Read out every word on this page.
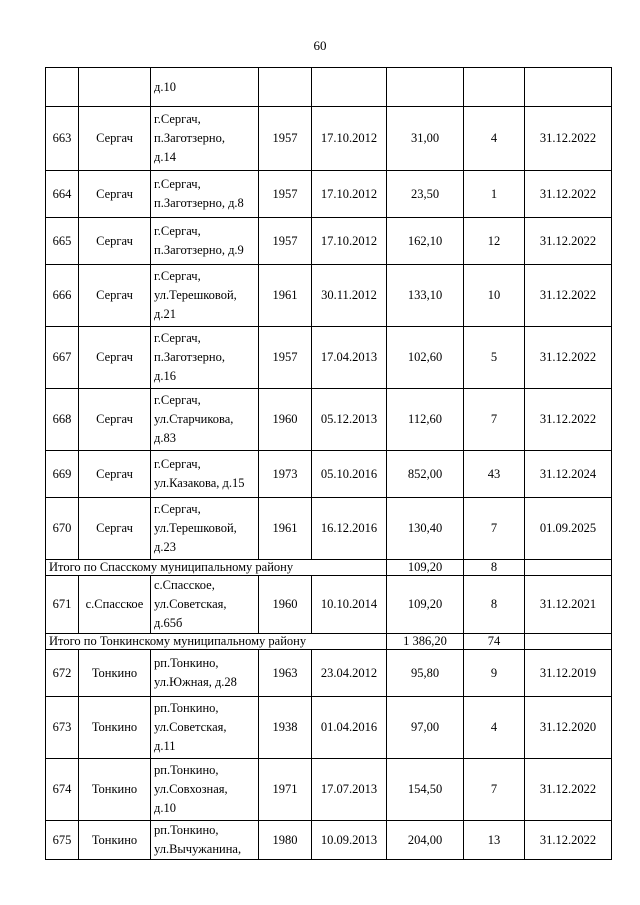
60
		д.10					
663	Сергач	г.Сергач,
п.Заготзерно,
д.14	1957	17.10.2012	31,00	4	31.12.2022
664	Сергач	г.Сергач,
п.Заготзерно, д.8	1957	17.10.2012	23,50	1	31.12.2022
665	Сергач	г.Сергач,
п.Заготзерно, д.9	1957	17.10.2012	162,10	12	31.12.2022
666	Сергач	г.Сергач,
ул.Терешковой,
д.21	1961	30.11.2012	133,10	10	31.12.2022
667	Сергач	г.Сергач,
п.Заготзерно,
д.16	1957	17.04.2013	102,60	5	31.12.2022
668	Сергач	г.Сергач,
ул.Старчикова,
д.83	1960	05.12.2013	112,60	7	31.12.2022
669	Сергач	г.Сергач,
ул.Казакова, д.15	1973	05.10.2016	852,00	43	31.12.2024
670	Сергач	г.Сергач,
ул.Терешковой,
д.23	1961	16.12.2016	130,40	7	01.09.2025
Итого по Спасскому муниципальному району					109,20	8	
671	с.Спасское	с.Спасское,
ул.Советская,
д.65б	1960	10.10.2014	109,20	8	31.12.2021
Итого по Тонкинскому муниципальному району					1 386,20	74	
672	Тонкино	рп.Тонкино,
ул.Южная, д.28	1963	23.04.2012	95,80	9	31.12.2019
673	Тонкино	рп.Тонкино,
ул.Советская,
д.11	1938	01.04.2016	97,00	4	31.12.2020
674	Тонкино	рп.Тонкино,
ул.Совхозная,
д.10	1971	17.07.2013	154,50	7	31.12.2022
675	Тонкино	рп.Тонкино,
ул.Вычужанина,	1980	10.09.2013	204,00	13	31.12.2022
